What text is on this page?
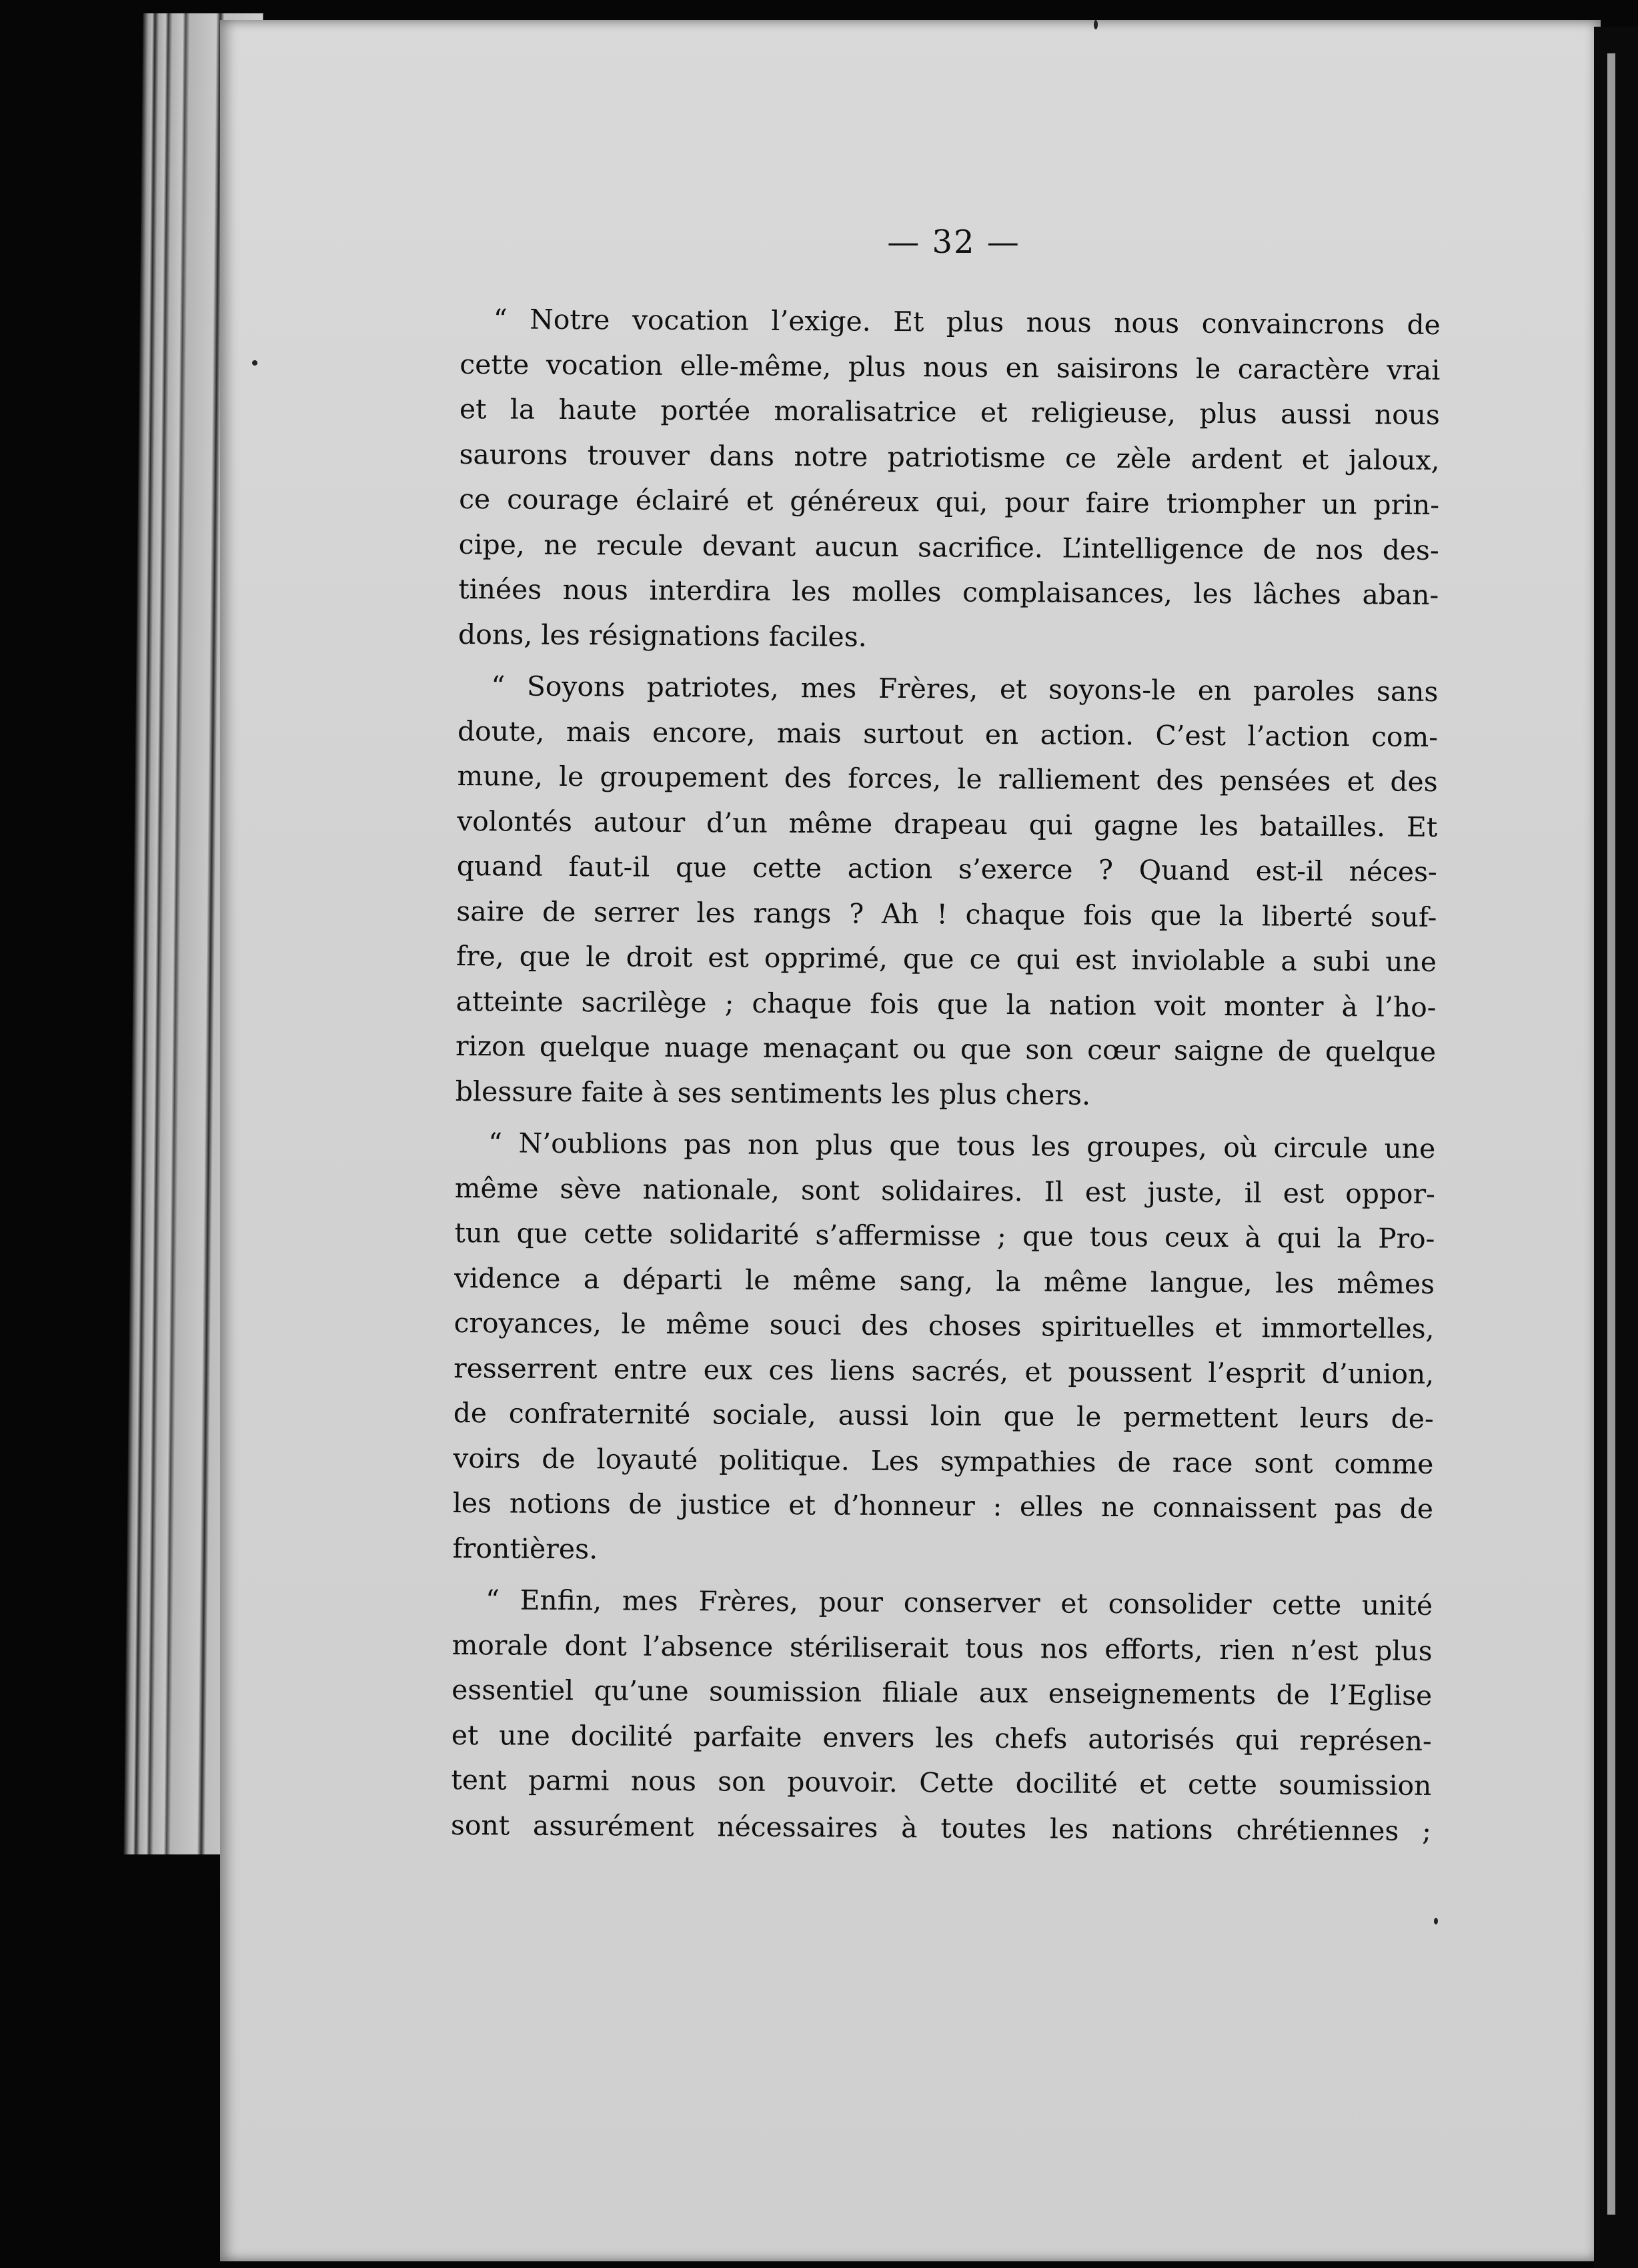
— 32 —
“ Notre vocation l’exige. Et plus nous nous convaincrons de
cette vocation elle-même, plus nous en saisirons le caractère vrai
et la haute portée moralisatrice et religieuse, plus aussi nous
saurons trouver dans notre patriotisme ce zèle ardent et jaloux,
ce courage éclairé et généreux qui, pour faire triompher un prin-
cipe, ne recule devant aucun sacrifice. L’intelligence de nos des-
tinées nous interdira les molles complaisances, les lâches aban-
dons, les résignations faciles.
“ Soyons patriotes, mes Frères, et soyons-le en paroles sans
doute, mais encore, mais surtout en action. C’est l’action com-
mune, le groupement des forces, le ralliement des pensées et des
volontés autour d’un même drapeau qui gagne les batailles. Et
quand faut-il que cette action s’exerce ? Quand est-il néces-
saire de serrer les rangs ? Ah ! chaque fois que la liberté souf-
fre, que le droit est opprimé, que ce qui est inviolable a subi une
atteinte sacrilège ; chaque fois que la nation voit monter à l’ho-
rizon quelque nuage menaçant ou que son cœur saigne de quelque
blessure faite à ses sentiments les plus chers.
“ N’oublions pas non plus que tous les groupes, où circule une
même sève nationale, sont solidaires. Il est juste, il est oppor-
tun que cette solidarité s’affermisse ; que tous ceux à qui la Pro-
vidence a départi le même sang, la même langue, les mêmes
croyances, le même souci des choses spirituelles et immortelles,
resserrent entre eux ces liens sacrés, et poussent l’esprit d’union,
de confraternité sociale, aussi loin que le permettent leurs de-
voirs de loyauté politique. Les sympathies de race sont comme
les notions de justice et d’honneur : elles ne connaissent pas de
frontières.
“ Enfin, mes Frères, pour conserver et consolider cette unité
morale dont l’absence stériliserait tous nos efforts, rien n’est plus
essentiel qu’une soumission filiale aux enseignements de l’Eglise
et une docilité parfaite envers les chefs autorisés qui représen-
tent parmi nous son pouvoir. Cette docilité et cette soumission
sont assurément nécessaires à toutes les nations chrétiennes ;
